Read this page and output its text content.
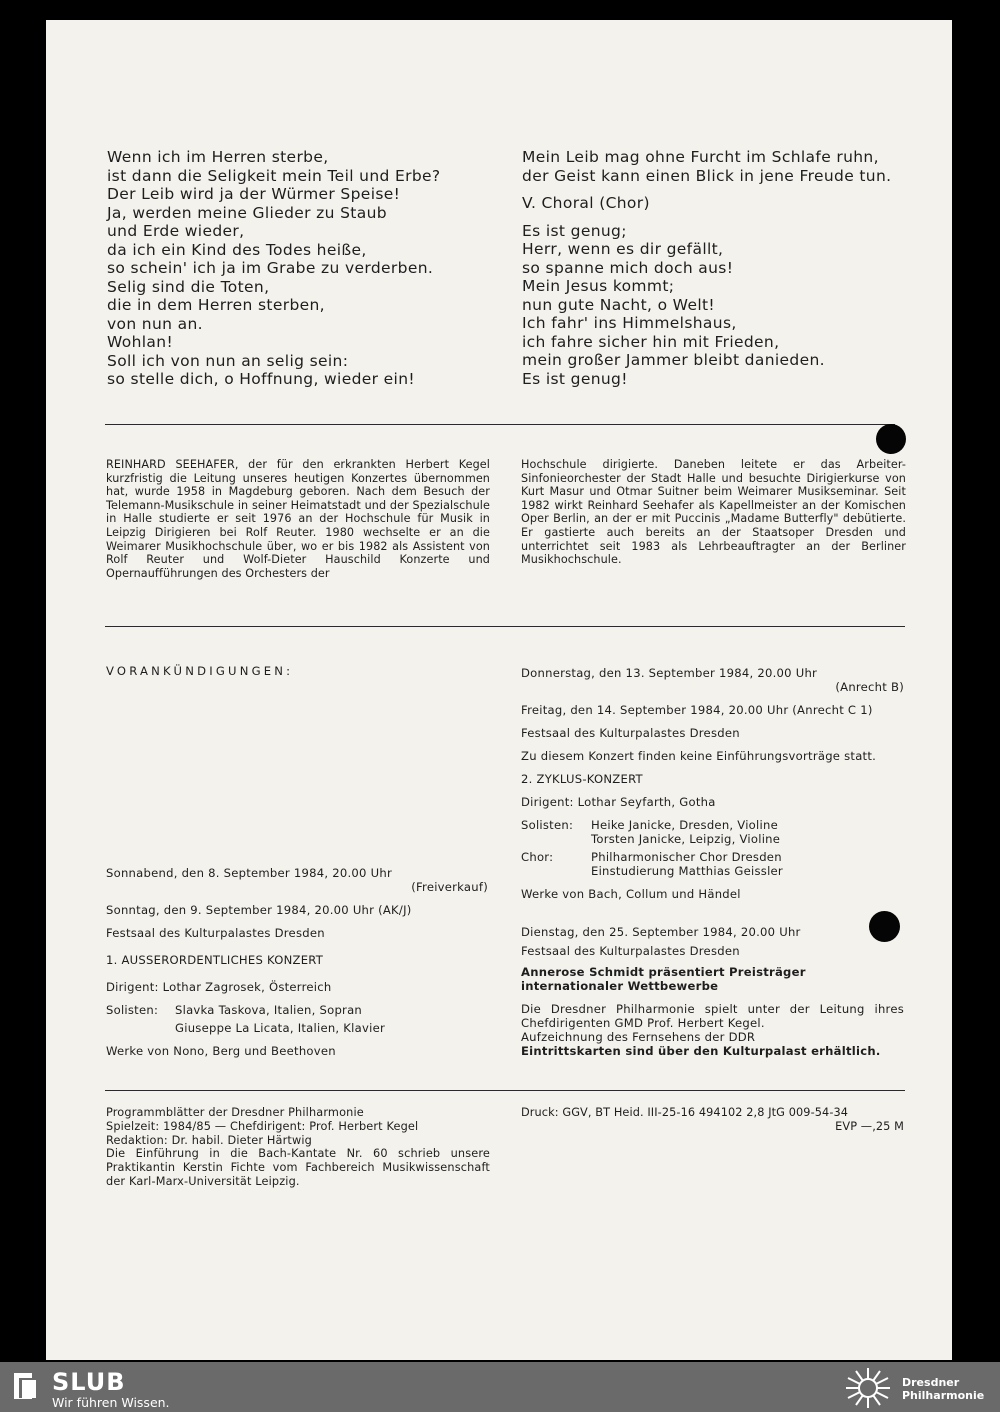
Wenn ich im Herren sterbe,
ist dann die Seligkeit mein Teil und Erbe?
Der Leib wird ja der Würmer Speise!
Ja, werden meine Glieder zu Staub
und Erde wieder,
da ich ein Kind des Todes heiße,
so schein' ich ja im Grabe zu verderben.
Selig sind die Toten,
die in dem Herren sterben,
von nun an.
Wohlan!
Soll ich von nun an selig sein:
so stelle dich, o Hoffnung, wieder ein!
Mein Leib mag ohne Furcht im Schlafe ruhn,
der Geist kann einen Blick in jene Freude tun.
V. Choral (Chor)
Es ist genug;
Herr, wenn es dir gefällt,
so spanne mich doch aus!
Mein Jesus kommt;
nun gute Nacht, o Welt!
Ich fahr' ins Himmelshaus,
ich fahre sicher hin mit Frieden,
mein großer Jammer bleibt danieden.
Es ist genug!
REINHARD SEEHAFER, der für den erkrankten Herbert Kegel kurzfristig die Leitung unseres heutigen Konzertes übernommen hat, wurde 1958 in Magdeburg geboren. Nach dem Besuch der Telemann-Musikschule in seiner Heimatstadt und der Spezialschule in Halle studierte er seit 1976 an der Hochschule für Musik in Leipzig Dirigieren bei Rolf Reuter. 1980 wechselte er an die Weimarer Musikhochschule über, wo er bis 1982 als Assistent von Rolf Reuter und Wolf-Dieter Hauschild Konzerte und Opernaufführungen des Orchesters der
Hochschule dirigierte. Daneben leitete er das Arbeiter-Sinfonieorchester der Stadt Halle und besuchte Dirigierkurse von Kurt Masur und Otmar Suitner beim Weimarer Musikseminar. Seit 1982 wirkt Reinhard Seehafer als Kapellmeister an der Komischen Oper Berlin, an der er mit Puccinis „Madame Butterfly" debütierte. Er gastierte auch bereits an der Staatsoper Dresden und unterrichtet seit 1983 als Lehrbeauftragter an der Berliner Musikhochschule.
VORANKÜNDIGUNGEN:
Sonnabend, den 8. September 1984, 20.00 Uhr
(Freiverkauf)
Sonntag, den 9. September 1984, 20.00 Uhr (AK/J)
Festsaal des Kulturpalastes Dresden
1. AUSSERORDENTLICHES KONZERT
Dirigent: Lothar Zagrosek, Österreich
Solisten: Slavka Taskova, Italien, Sopran
Giuseppe La Licata, Italien, Klavier
Werke von Nono, Berg und Beethoven
Donnerstag, den 13. September 1984, 20.00 Uhr
(Anrecht B)
Freitag, den 14. September 1984, 20.00 Uhr (Anrecht C 1)
Festsaal des Kulturpalastes Dresden
Zu diesem Konzert finden keine Einführungsvorträge statt.
2. ZYKLUS-KONZERT
Dirigent: Lothar Seyfarth, Gotha
Solisten: Heike Janicke, Dresden, Violine
Torsten Janicke, Leipzig, Violine
Chor:	Philharmonischer Chor Dresden
Einstudierung Matthias Geissler
Werke von Bach, Collum und Händel
Dienstag, den 25. September 1984, 20.00 Uhr
Festsaal des Kulturpalastes Dresden
Annerose Schmidt präsentiert Preisträger internationaler Wettbewerbe
Die Dresdner Philharmonie spielt unter der Leitung ihres Chefdirigenten GMD Prof. Herbert Kegel.
Aufzeichnung des Fernsehens der DDR
Eintrittskarten sind über den Kulturpalast erhältlich.
Programmblätter der Dresdner Philharmonie
Spielzeit: 1984/85 — Chefdirigent: Prof. Herbert Kegel
Redaktion: Dr. habil. Dieter Härtwig
Die Einführung in die Bach-Kantate Nr. 60 schrieb unsere Praktikantin Kerstin Fichte vom Fachbereich Musikwissenschaft der Karl-Marx-Universität Leipzig.
Druck: GGV, BT Heid. III-25-16 494102 2,8 JtG 009-54-34
EVP —,25 M
SLUB
Wir führen Wissen.
Dresdner
Philharmonie
